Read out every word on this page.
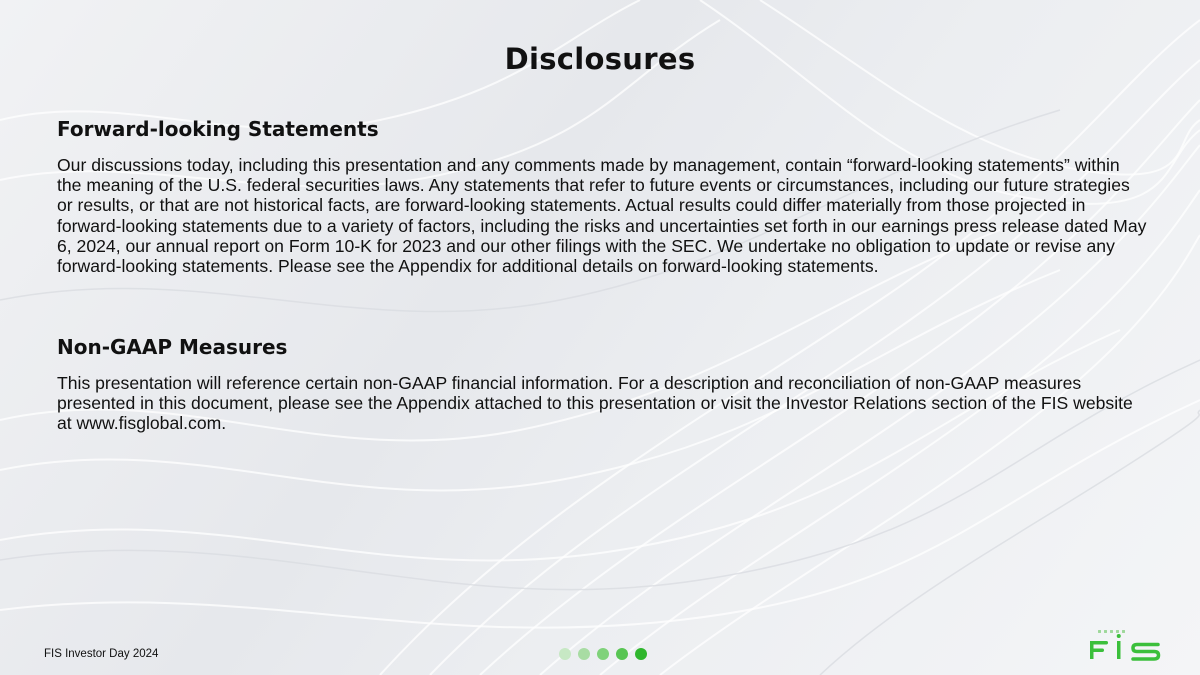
Disclosures
Forward-looking Statements

Our discussions today, including this presentation and any comments made by management, contain “forward-looking statements” within the meaning of the U.S. federal securities laws. Any statements that refer to future events or circumstances, including our future strategies or results, or that are not historical facts, are forward-looking statements. Actual results could differ materially from those projected in forward-looking statements due to a variety of factors, including the risks and uncertainties set forth in our earnings press release dated May 6, 2024, our annual report on Form 10-K for 2023 and our other filings with the SEC. We undertake no obligation to update or revise any forward-looking statements. Please see the Appendix for additional details on forward-looking statements.

Non-GAAP Measures

This presentation will reference certain non-GAAP financial information. For a description and reconciliation of non-GAAP measures presented in this document, please see the Appendix attached to this presentation or visit the Investor Relations section of the FIS website at www.fisglobal.com.

FIS Investor Day 2024
